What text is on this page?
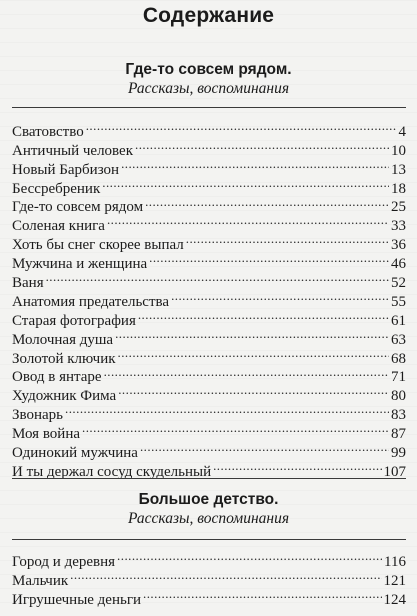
Содержание
Где-то совсем рядом.
Рассказы, воспоминания
Сватовство . . .	4
Античный человек . . .	10
Новый Барбизон . . .	13
Бессребреник . . .	18
Где-то совсем рядом . . .	25
Соленая книга . . .	33
Хоть бы снег скорее выпал . . .	36
Мужчина и женщина . . .	46
Ваня . . .	52
Анатомия предательства . . .	55
Старая фотография . . .	61
Молочная душа . . .	63
Золотой ключик . . .	68
Овод в янтаре . . .	71
Художник Фима . . .	80
Звонарь . . .	83
Моя война . . .	87
Одинокий мужчина . . .	99
И ты держал сосуд скудельный . . .	107
Большое детство.
Рассказы, воспоминания
Город и деревня . . .	116
Мальчик . . .	121
Игрушечные деньги . . .	124
